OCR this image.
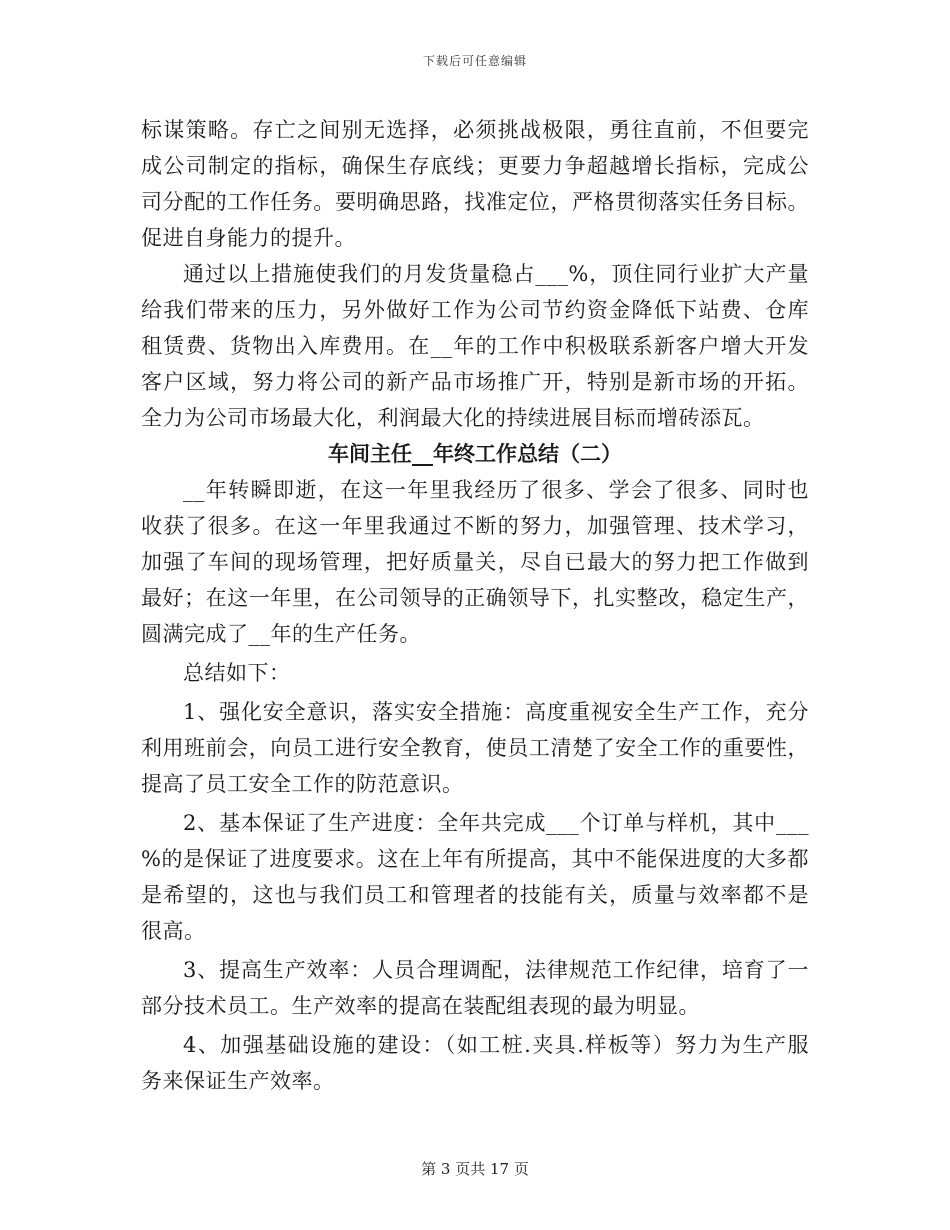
下载后可任意编辑
标谋策略。存亡之间别无选择，必须挑战极限，勇往直前，不但要完
成公司制定的指标，确保生存底线；更要力争超越增长指标，完成公
司分配的工作任务。要明确思路，找准定位，严格贯彻落实任务目标。
促进自身能力的提升。
通过以上措施使我们的月发货量稳占___%，顶住同行业扩大产量
给我们带来的压力，另外做好工作为公司节约资金降低下站费、仓库
租赁费、货物出入库费用。在__年的工作中积极联系新客户增大开发
客户区域，努力将公司的新产品市场推广开，特别是新市场的开拓。
全力为公司市场最大化，利润最大化的持续进展目标而增砖添瓦。
车间主任__年终工作总结（二）
__年转瞬即逝，在这一年里我经历了很多、学会了很多、同时也
收获了很多。在这一年里我通过不断的努力，加强管理、技术学习，
加强了车间的现场管理，把好质量关，尽自已最大的努力把工作做到
最好；在这一年里，在公司领导的正确领导下，扎实整改，稳定生产，
圆满完成了__年的生产任务。
总结如下：
1、强化安全意识，落实安全措施：高度重视安全生产工作，充分
利用班前会，向员工进行安全教育，使员工清楚了安全工作的重要性，
提高了员工安全工作的防范意识。
2、基本保证了生产进度：全年共完成___个订单与样机，其中___
%的是保证了进度要求。这在上年有所提高，其中不能保进度的大多都
是希望的，这也与我们员工和管理者的技能有关，质量与效率都不是
很高。
3、提高生产效率：人员合理调配，法律规范工作纪律，培育了一
部分技术员工。生产效率的提高在装配组表现的最为明显。
4、加强基础设施的建设：（如工桩.夹具.样板等）努力为生产服
务来保证生产效率。
第 3 页共 17 页
